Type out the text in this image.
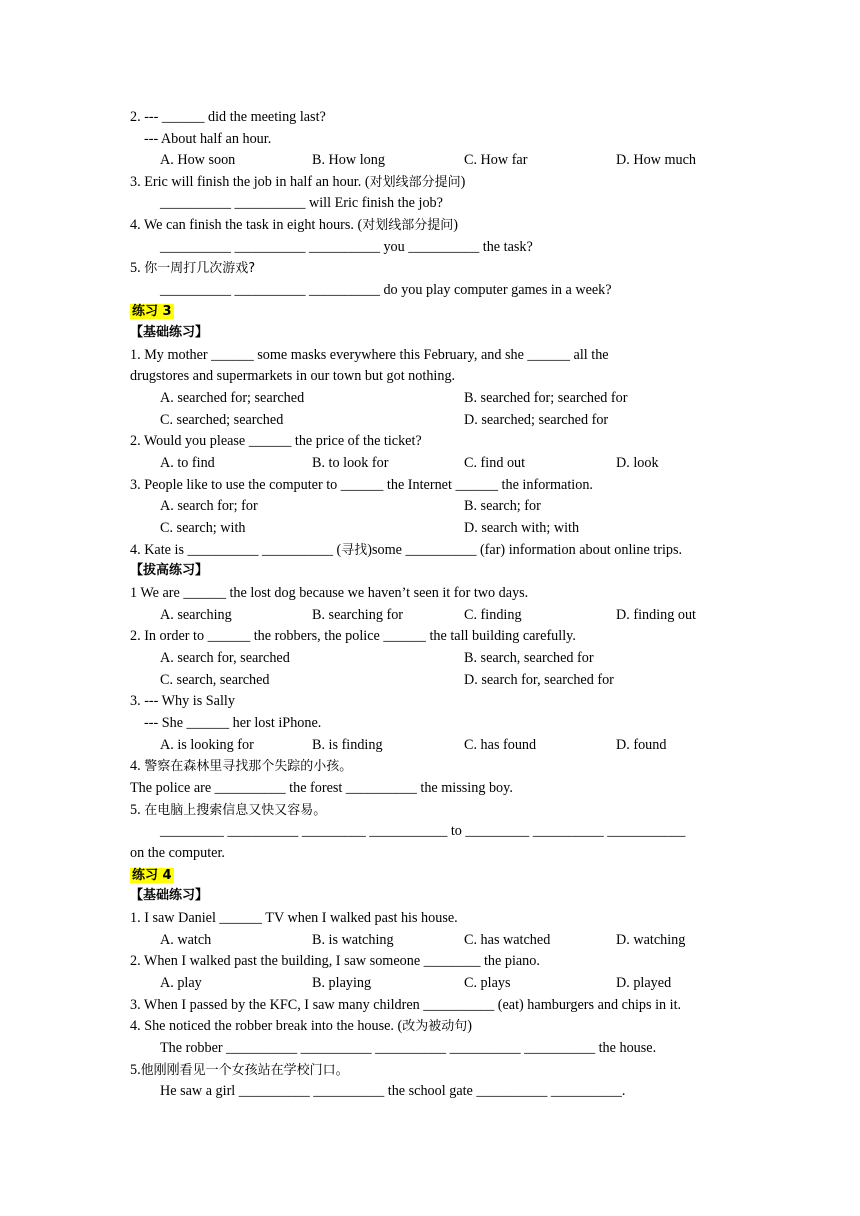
2. --- ______ did the meeting last?
--- About half an hour.
A. How soon	B. How long	C. How far	D. How much
3. Eric will finish the job in half an hour. (对划线部分提问)
__________ __________ will Eric finish the job?
4. We can finish the task in eight hours. (对划线部分提问)
__________ __________ __________ you __________ the task?
5. 你一周打几次游戏?
__________ __________ __________ do you play computer games in a week?
练习 3
【基础练习】
1. My mother ______ some masks everywhere this February, and she ______ all the
drugstores and supermarkets in our town but got nothing.
A. searched for; searched	B. searched for; searched for
C. searched; searched	D. searched; searched for
2. Would you please ______ the price of the ticket?
A. to find	B. to look for	C. find out	D. look
3. People like to use the computer to ______ the Internet ______ the information.
A. search for; for	B. search; for
C. search; with	D. search with; with
4. Kate is __________ __________ (寻找)some __________ (far) information about online trips.
【拔高练习】
1 We are ______ the lost dog because we haven’t seen it for two days.
A. searching	B. searching for	C. finding	D. finding out
2. In order to ______ the robbers, the police ______ the tall building carefully.
A. search for, searched	B. search, searched for
C. search, searched	D. search for, searched for
3. --- Why is Sally
--- She ______ her lost iPhone.
A. is looking for	B. is finding	C. has found	D. found
4. 警察在森林里寻找那个失踪的小孩。
The police are __________ the forest __________ the missing boy.
5. 在电脑上搜索信息又快又容易。
_________ __________ _________ ___________ to _________ __________ ___________
on the computer.
练习 4
【基础练习】
1. I saw Daniel ______ TV when I walked past his house.
A. watch	B. is watching	C. has watched	D. watching
2. When I walked past the building, I saw someone ________ the piano.
A. play	B. playing	C. plays	D. played
3. When I passed by the KFC, I saw many children __________ (eat) hamburgers and chips in it.
4. She noticed the robber break into the house. (改为被动句)
The robber __________ __________ __________ __________ __________ the house.
5.他刚刚看见一个女孩站在学校门口。
He saw a girl __________ __________ the school gate __________ __________.
